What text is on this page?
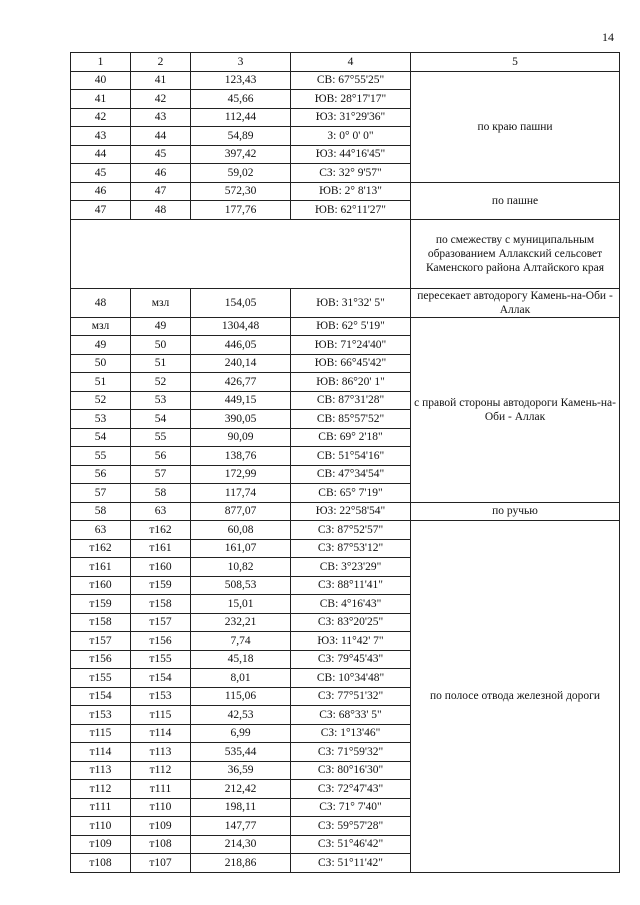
14
1	2	3	4	5
40	41	123,43	СВ: 67°55'25"	по краю пашни
41	42	45,66	ЮВ: 28°17'17"	
42	43	112,44	ЮЗ: 31°29'36"	
43	44	54,89	З: 0° 0' 0"	
44	45	397,42	ЮЗ: 44°16'45"	
45	46	59,02	СЗ: 32° 9'57"	
46	47	572,30	ЮВ: 2° 8'13"	по пашне
47	48	177,76	ЮВ: 62°11'27"	
				по смежеству с муниципальным образованием Аллакский сельсовет Каменского района Алтайского края
48	мзл	154,05	ЮВ: 31°32' 5"	пересекает автодорогу Камень-на-Оби - Аллак
мзл	49	1304,48	ЮВ: 62° 5'19"	с правой стороны автодороги Камень-на-Оби - Аллак
49	50	446,05	ЮВ: 71°24'40"	
50	51	240,14	ЮВ: 66°45'42"	
51	52	426,77	ЮВ: 86°20' 1"	
52	53	449,15	СВ: 87°31'28"	
53	54	390,05	СВ: 85°57'52"	
54	55	90,09	СВ: 69° 2'18"	
55	56	138,76	СВ: 51°54'16"	
56	57	172,99	СВ: 47°34'54"	
57	58	117,74	СВ: 65° 7'19"	
58	63	877,07	ЮЗ: 22°58'54"	по ручью
63	т162	60,08	СЗ: 87°52'57"	по полосе отвода железной дороги
т162	т161	161,07	СЗ: 87°53'12"	
т161	т160	10,82	СВ: 3°23'29"	
т160	т159	508,53	СЗ: 88°11'41"	
т159	т158	15,01	СВ: 4°16'43"	
т158	т157	232,21	СЗ: 83°20'25"	
т157	т156	7,74	ЮЗ: 11°42' 7"	
т156	т155	45,18	СЗ: 79°45'43"	
т155	т154	8,01	СВ: 10°34'48"	
т154	т153	115,06	СЗ: 77°51'32"	
т153	т115	42,53	СЗ: 68°33' 5"	
т115	т114	6,99	СЗ: 1°13'46"	
т114	т113	535,44	СЗ: 71°59'32"	
т113	т112	36,59	СЗ: 80°16'30"	
т112	т111	212,42	СЗ: 72°47'43"	
т111	т110	198,11	СЗ: 71° 7'40"	
т110	т109	147,77	СЗ: 59°57'28"	
т109	т108	214,30	СЗ: 51°46'42"	
т108	т107	218,86	СЗ: 51°11'42"	
